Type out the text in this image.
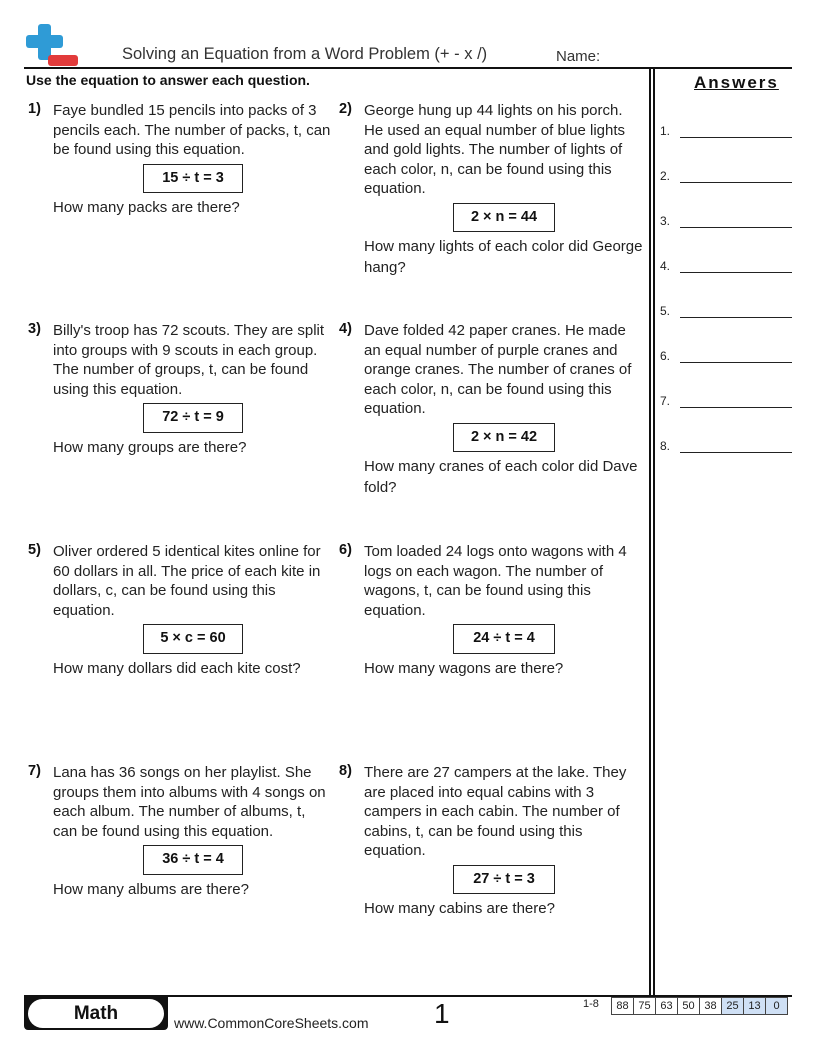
Solving an Equation from a Word Problem (+ - x /)	Name:
Use the equation to answer each question.	Answers
1.
2.
3.
4.
5.
6.
7.
8.
1) Faye bundled 15 pencils into packs of 3 pencils each. The number of packs, t, can be found using this equation.
15 ÷ t = 3
How many packs are there?
2) George hung up 44 lights on his porch. He used an equal number of blue lights and gold lights. The number of lights of each color, n, can be found using this equation.
2 × n = 44
How many lights of each color did George hang?
3) Billy's troop has 72 scouts. They are split into groups with 9 scouts in each group. The number of groups, t, can be found using this equation.
72 ÷ t = 9
How many groups are there?
4) Dave folded 42 paper cranes. He made an equal number of purple cranes and orange cranes. The number of cranes of each color, n, can be found using this equation.
2 × n = 42
How many cranes of each color did Dave fold?
5) Oliver ordered 5 identical kites online for 60 dollars in all. The price of each kite in dollars, c, can be found using this equation.
5 × c = 60
How many dollars did each kite cost?
6) Tom loaded 24 logs onto wagons with 4 logs on each wagon. The number of wagons, t, can be found using this equation.
24 ÷ t = 4
How many wagons are there?
7) Lana has 36 songs on her playlist. She groups them into albums with 4 songs on each album. The number of albums, t, can be found using this equation.
36 ÷ t = 4
How many albums are there?
8) There are 27 campers at the lake. They are placed into equal cabins with 3 campers in each cabin. The number of cabins, t, can be found using this equation.
27 ÷ t = 3
How many cabins are there?
Math	www.CommonCoreSheets.com 1	1-8	88 75 63 50 38 25 13	0
